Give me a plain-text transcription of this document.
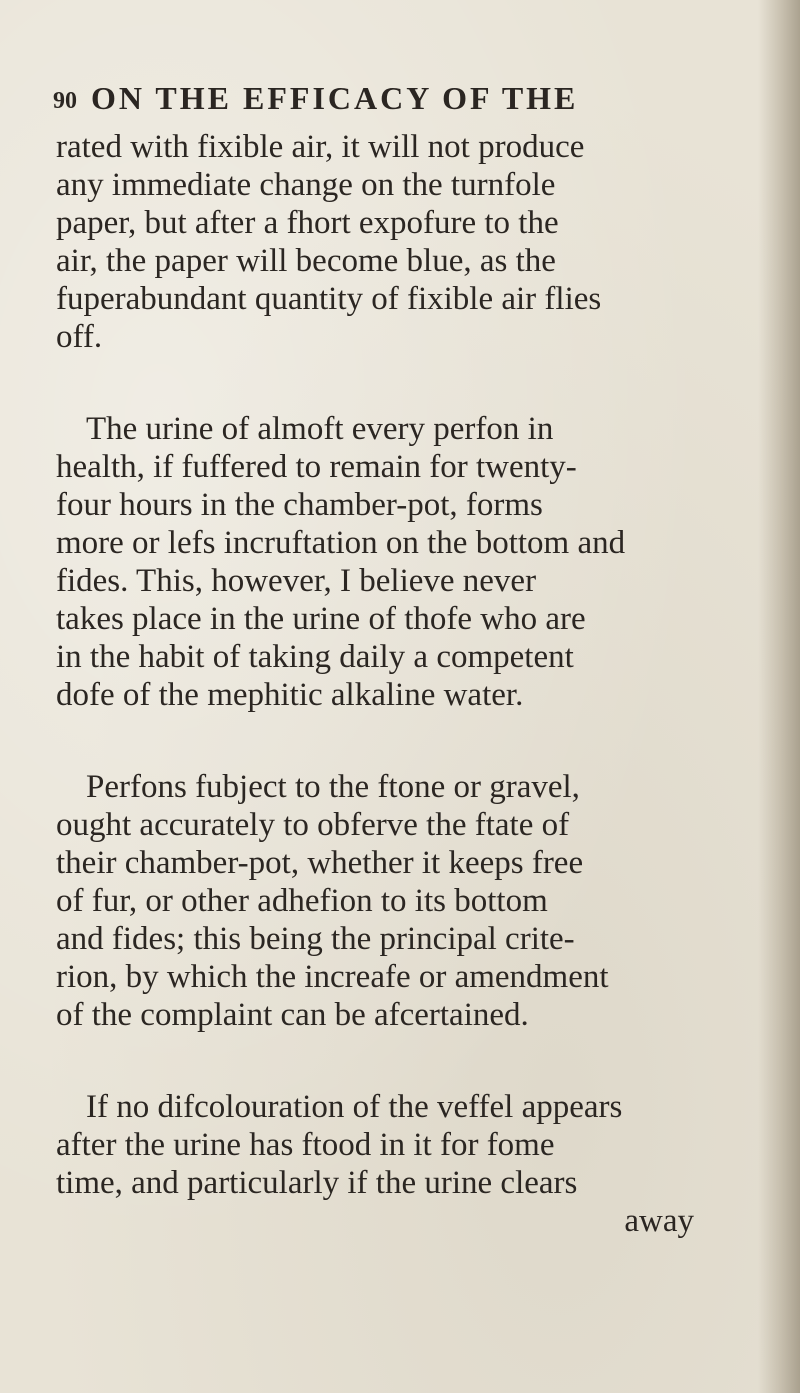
90 ON THE EFFICACY OF THE
rated with fixible air, it will not produce
any immediate change on the turnfole
paper, but after a fhort expofure to the
air, the paper will become blue, as the
fuperabundant quantity of fixible air flies
off.
The urine of almoft every perfon in
health, if fuffered to remain for twenty-
four hours in the chamber-pot, forms
more or lefs incruftation on the bottom and
fides. This, however, I believe never
takes place in the urine of thofe who are
in the habit of taking daily a competent
dofe of the mephitic alkaline water.
Perfons fubject to the ftone or gravel,
ought accurately to obferve the ftate of
their chamber-pot, whether it keeps free
of fur, or other adhefion to its bottom
and fides; this being the principal crite-
rion, by which the increafe or amendment
of the complaint can be afcertained.
If no difcolouration of the veffel appears
after the urine has ftood in it for fome
time, and particularly if the urine clears
away
